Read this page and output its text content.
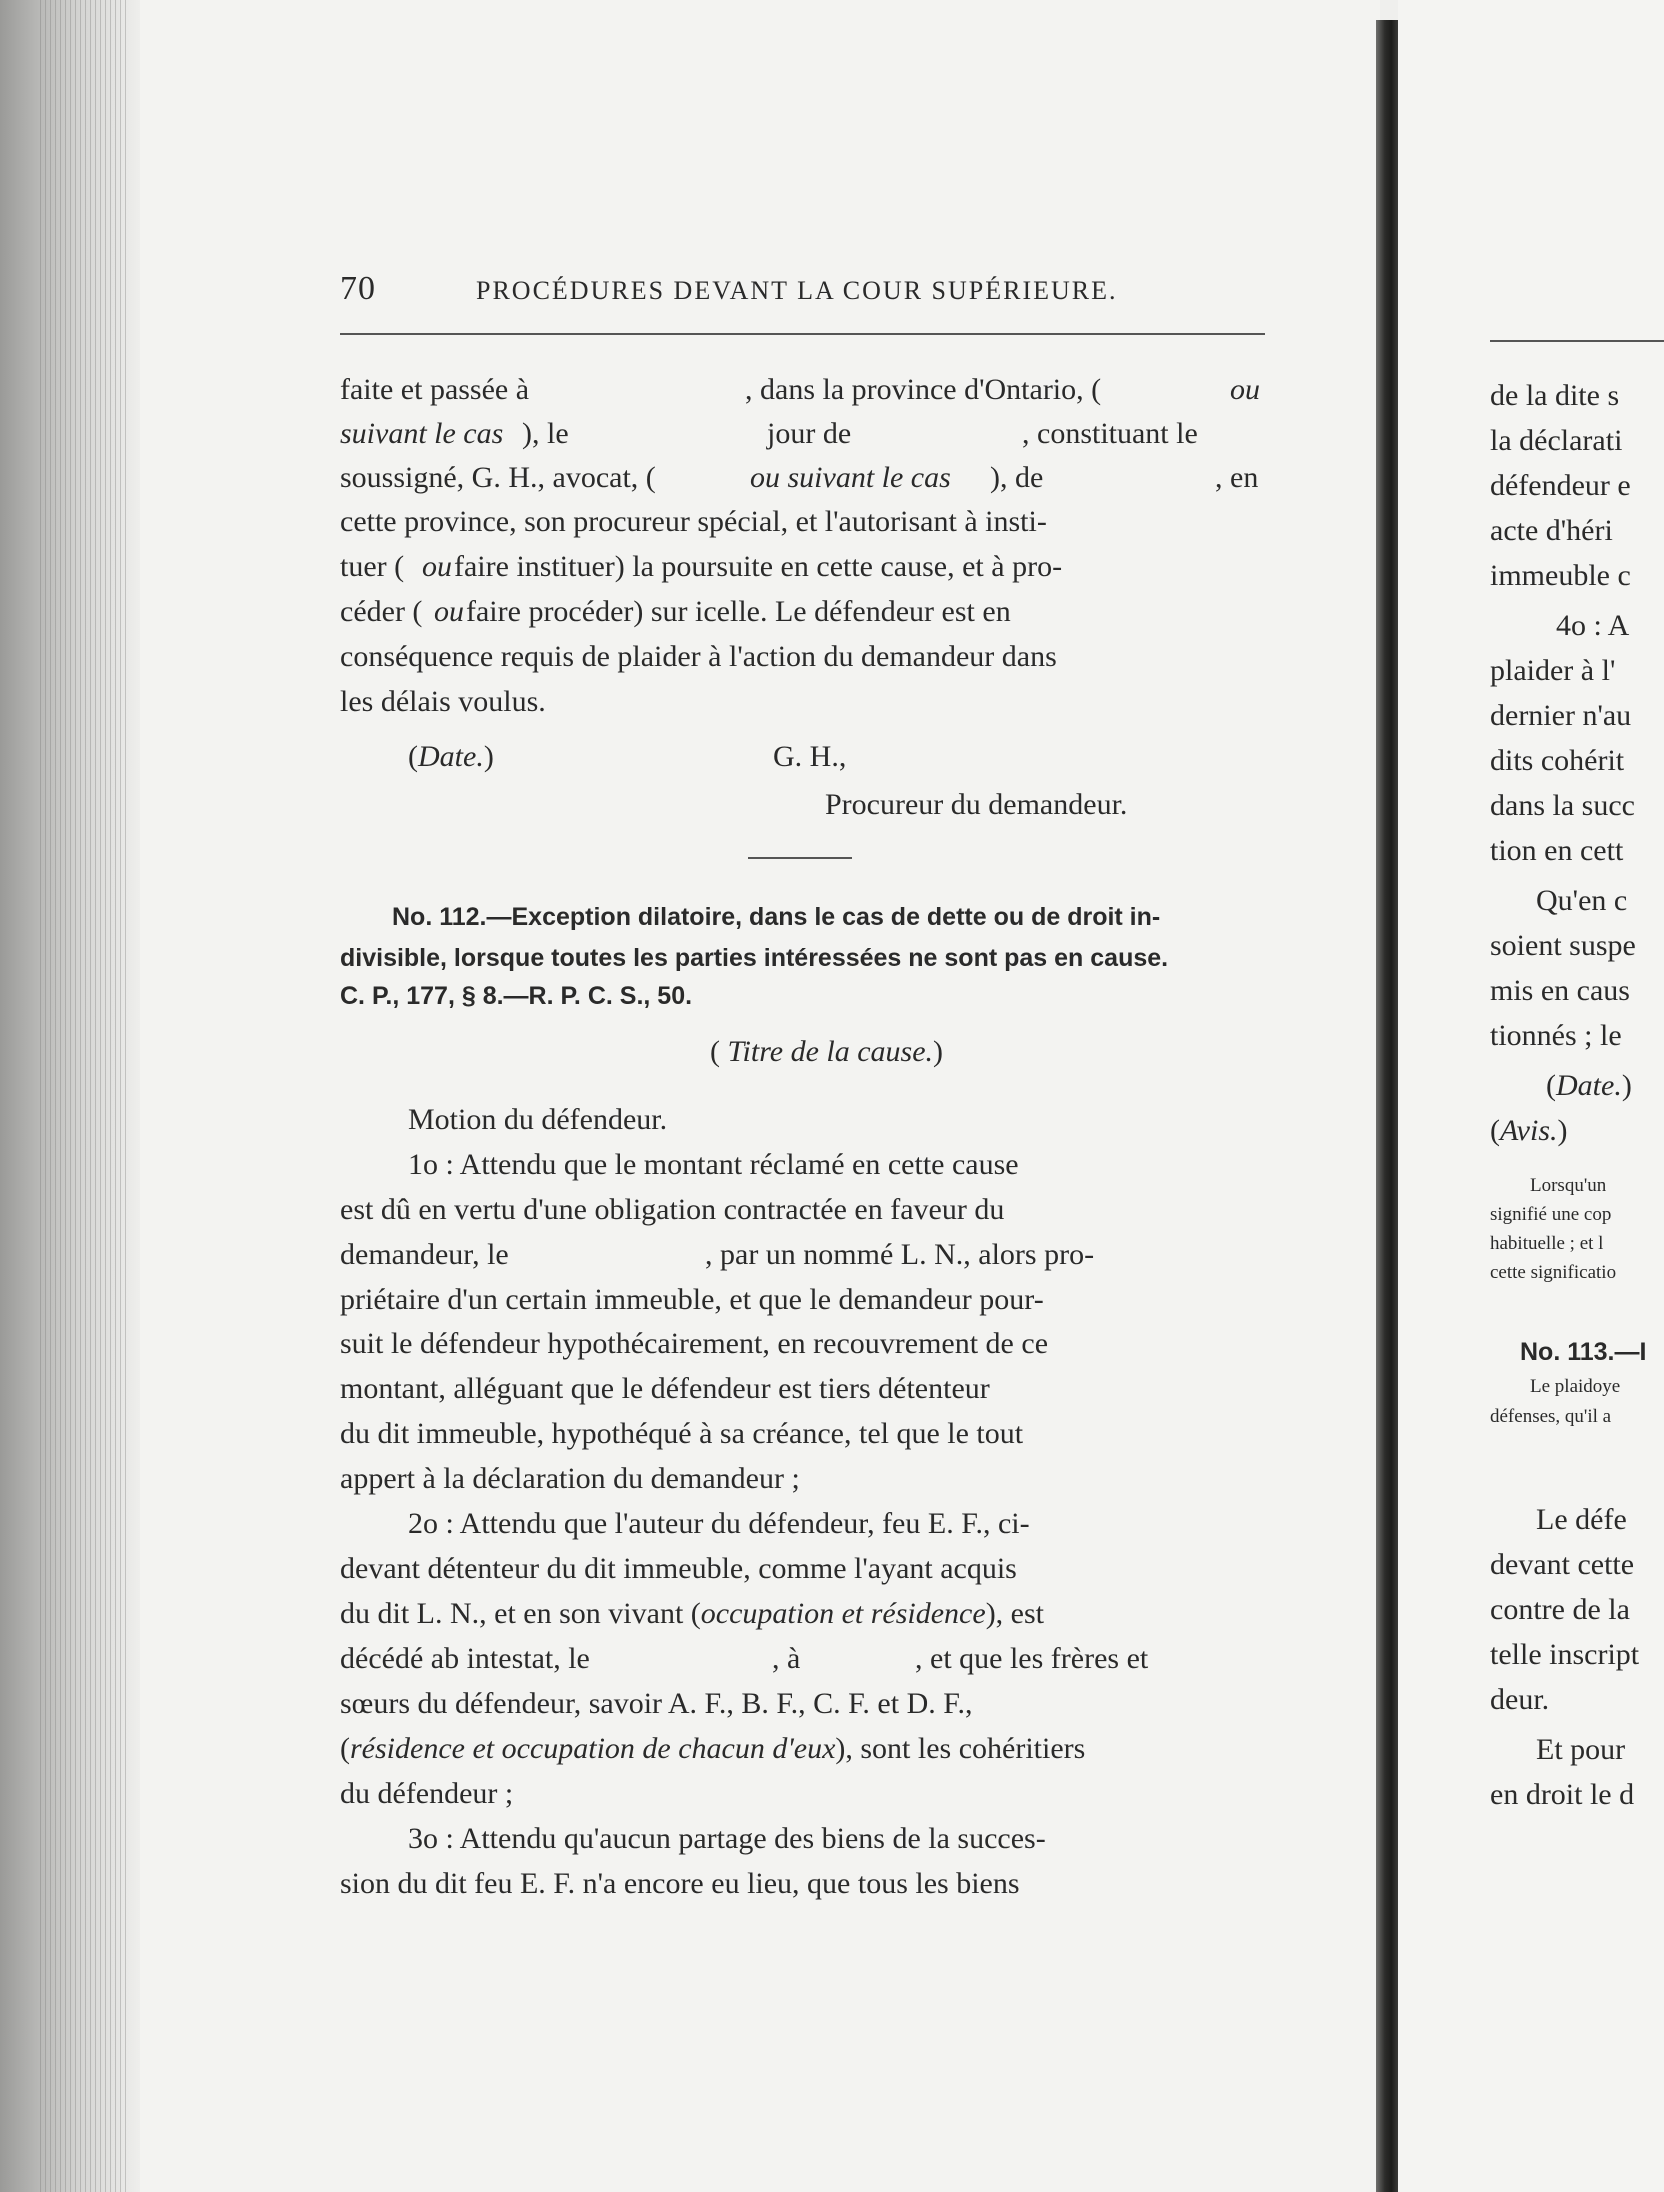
70	PROCÉDURES DEVANT LA COUR SUPÉRIEURE.
faite et passée à	, dans la province d'Ontario, (	ou
suivant le cas ), le	jour de	, constituant le
soussigné, G. H., avocat, (	ou suivant le cas ), de	, en
cette province, son procureur spécial, et l'autorisant à insti-
tuer ( ou faire instituer) la poursuite en cette cause, et à pro-
céder ( ou faire procéder) sur icelle. Le défendeur est en
conséquence requis de plaider à l'action du demandeur dans
les délais voulus.
(Date.)	G. H.,
Procureur du demandeur.
No. 112.—Exception dilatoire, dans le cas de dette ou de droit in-
divisible, lorsque toutes les parties intéressées ne sont pas en cause.
C. P., 177, § 8.—R. P. C. S., 50.
( Titre de la cause.)
Motion du défendeur.
1o : Attendu que le montant réclamé en cette cause
est dû en vertu d'une obligation contractée en faveur du
demandeur, le	, par un nommé L. N., alors pro-
priétaire d'un certain immeuble, et que le demandeur pour-
suit le défendeur hypothécairement, en recouvrement de ce
montant, alléguant que le défendeur est tiers détenteur
du dit immeuble, hypothéqué à sa créance, tel que le tout
appert à la déclaration du demandeur ;
2o : Attendu que l'auteur du défendeur, feu E. F., ci-
devant détenteur du dit immeuble, comme l'ayant acquis
du dit L. N., et en son vivant (occupation et résidence), est
décédé ab intestat, le	, à	, et que les frères et
sœurs du défendeur, savoir A. F., B. F., C. F. et D. F.,
(résidence et occupation de chacun d'eux), sont les cohéritiers
du défendeur ;
3o : Attendu qu'aucun partage des biens de la succes-
sion du dit feu E. F. n'a encore eu lieu, que tous les biens
de la dite s
la déclarati
défendeur e
acte d'héri
immeuble c
4o : A
plaider à l'
dernier n'au
dits cohérit
dans la succ
tion en cett
Qu'en c
soient suspe
mis en caus
tionnés ; le
(Date.)
(Avis.)
Lorsqu'un
signifié une cop
habituelle ; et l
cette significatio
No. 113.—I
Le plaidoye
défenses, qu'il a
Le défe
devant cette
contre de la
telle inscript
deur.
Et pour
en droit le d
